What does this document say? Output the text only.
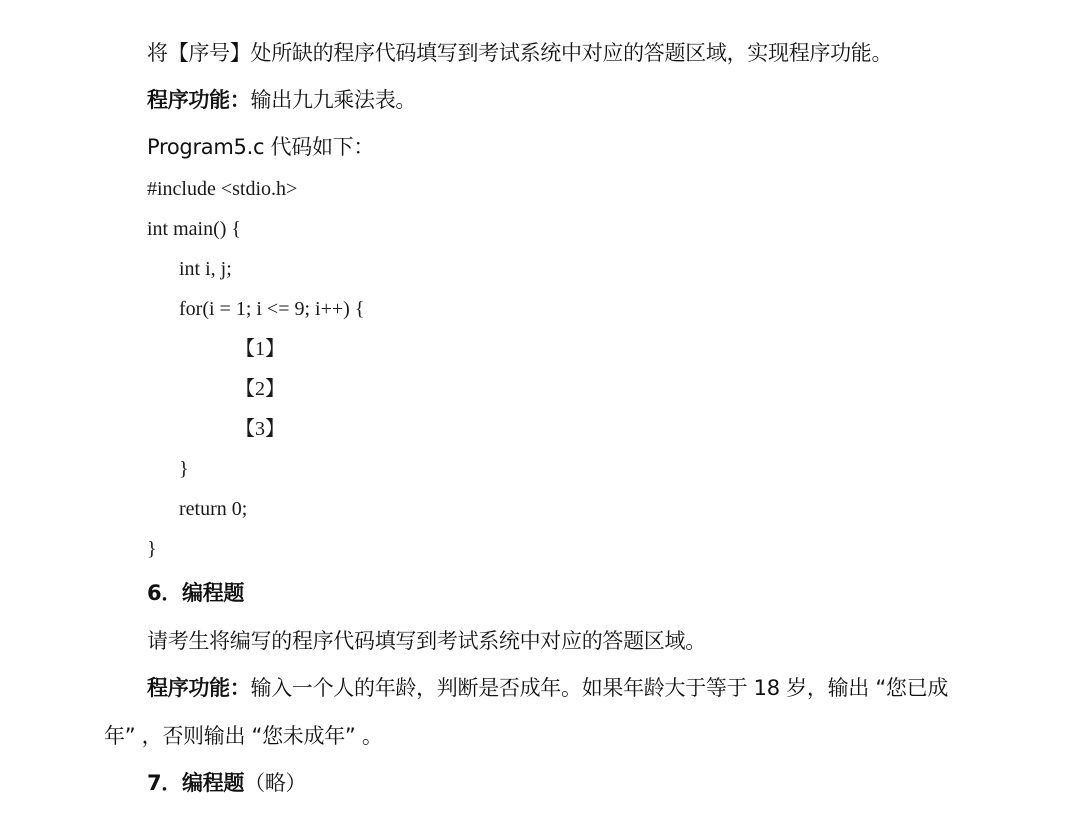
将【序号】处所缺的程序代码填写到考试系统中对应的答题区域，实现程序功能。
程序功能：输出九九乘法表。
Program5.c 代码如下：
#include <stdio.h>
int main() {
int i, j;
for(i = 1; i <= 9; i++) {
【1】
【2】
【3】
}
return 0;
}
6．编程题
请考生将编写的程序代码填写到考试系统中对应的答题区域。
程序功能：输入一个人的年龄，判断是否成年。如果年龄大于等于 18 岁，输出 “您已成
年” ，否则输出 “您未成年” 。
7．编程题（略）
